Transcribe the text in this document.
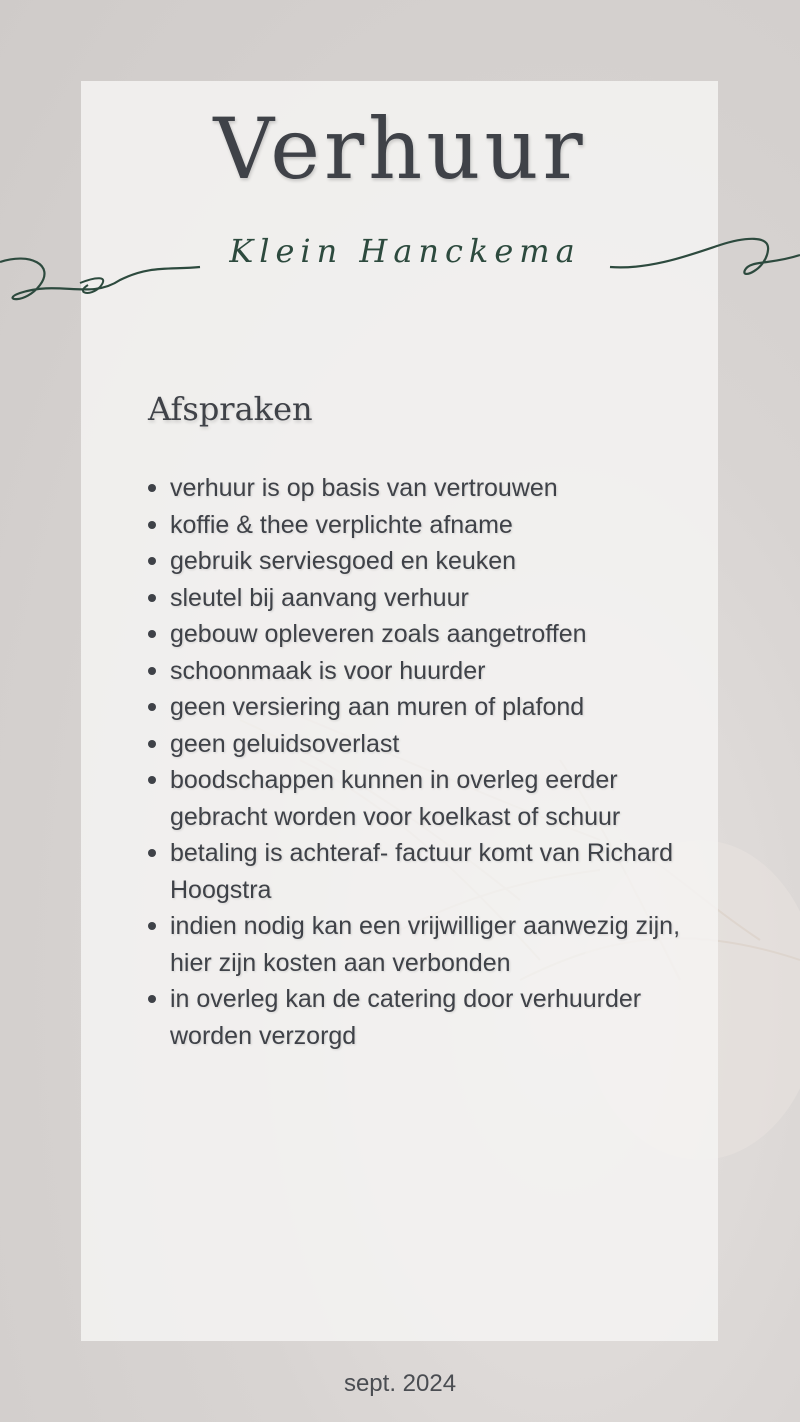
Verhuur
Klein Hanckema
Afspraken
verhuur is op basis van vertrouwen
koffie & thee verplichte afname
gebruik serviesgoed en keuken
sleutel bij aanvang verhuur
gebouw opleveren zoals aangetroffen
schoonmaak is voor huurder
geen versiering aan muren of plafond
geen geluidsoverlast
boodschappen kunnen in overleg eerder gebracht worden voor koelkast of schuur
betaling is achteraf- factuur komt van Richard Hoogstra
indien nodig kan een vrijwilliger aanwezig zijn, hier zijn kosten aan verbonden
in overleg kan de catering door verhuurder worden verzorgd
sept. 2024
